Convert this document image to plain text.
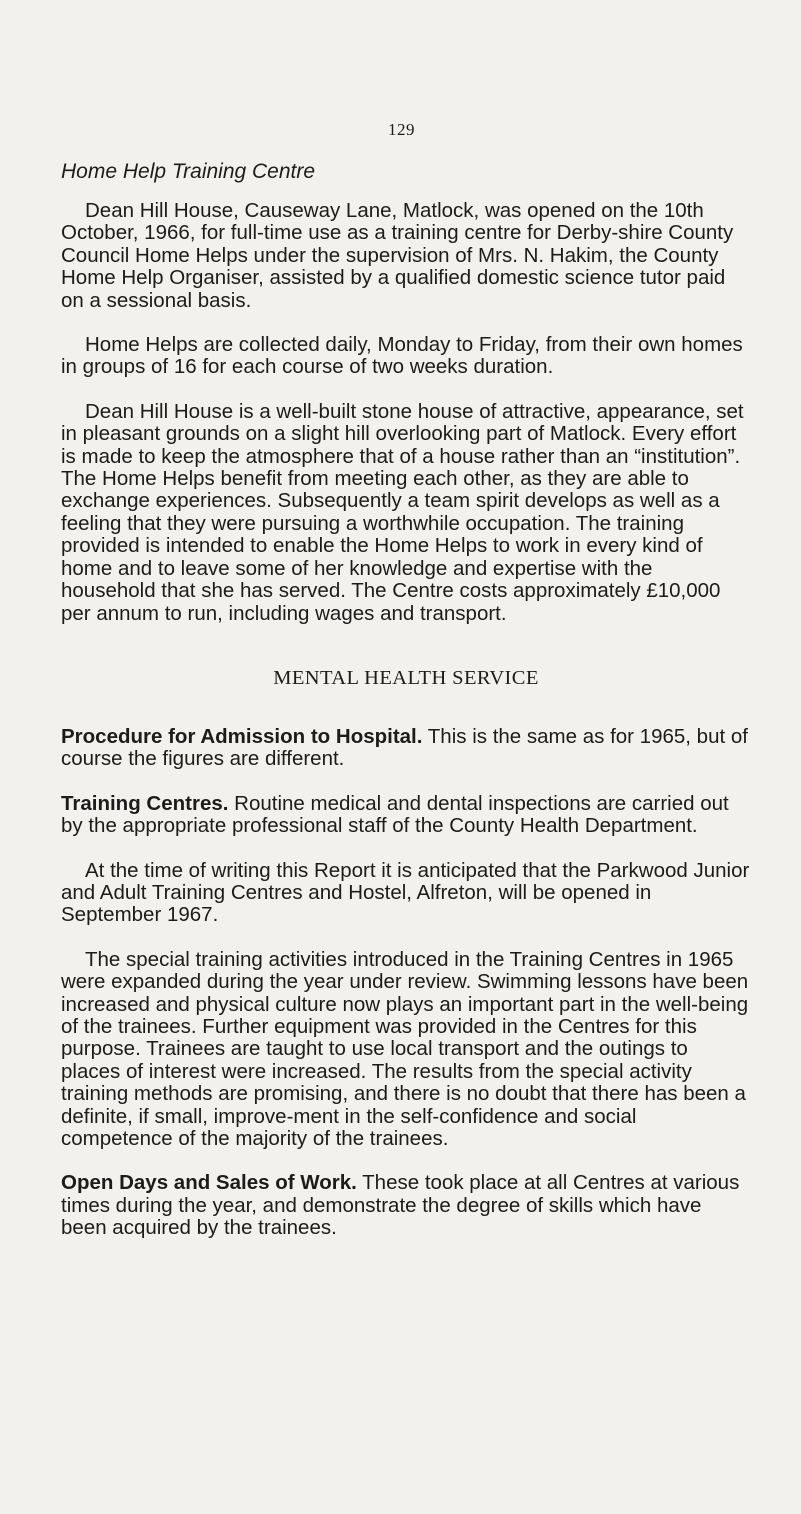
129
Home Help Training Centre

Dean Hill House, Causeway Lane, Matlock, was opened on the 10th October, 1966, for full-time use as a training centre for Derby-shire County Council Home Helps under the supervision of Mrs. N. Hakim, the County Home Help Organiser, assisted by a qualified domestic science tutor paid on a sessional basis.

Home Helps are collected daily, Monday to Friday, from their own homes in groups of 16 for each course of two weeks duration.

Dean Hill House is a well-built stone house of attractive, appearance, set in pleasant grounds on a slight hill overlooking part of Matlock. Every effort is made to keep the atmosphere that of a house rather than an “institution”. The Home Helps benefit from meeting each other, as they are able to exchange experiences. Subsequently a team spirit develops as well as a feeling that they were pursuing a worthwhile occupation. The training provided is intended to enable the Home Helps to work in every kind of home and to leave some of her knowledge and expertise with the household that she has served. The Centre costs approximately £10,000 per annum to run, including wages and transport.

MENTAL HEALTH SERVICE

Procedure for Admission to Hospital. This is the same as for 1965, but of course the figures are different.

Training Centres. Routine medical and dental inspections are carried out by the appropriate professional staff of the County Health Department.

At the time of writing this Report it is anticipated that the Parkwood Junior and Adult Training Centres and Hostel, Alfreton, will be opened in September 1967.

The special training activities introduced in the Training Centres in 1965 were expanded during the year under review. Swimming lessons have been increased and physical culture now plays an important part in the well-being of the trainees. Further equipment was provided in the Centres for this purpose. Trainees are taught to use local transport and the outings to places of interest were increased. The results from the special activity training methods are promising, and there is no doubt that there has been a definite, if small, improve-ment in the self-confidence and social competence of the majority of the trainees.

Open Days and Sales of Work. These took place at all Centres at various times during the year, and demonstrate the degree of skills which have been acquired by the trainees.
